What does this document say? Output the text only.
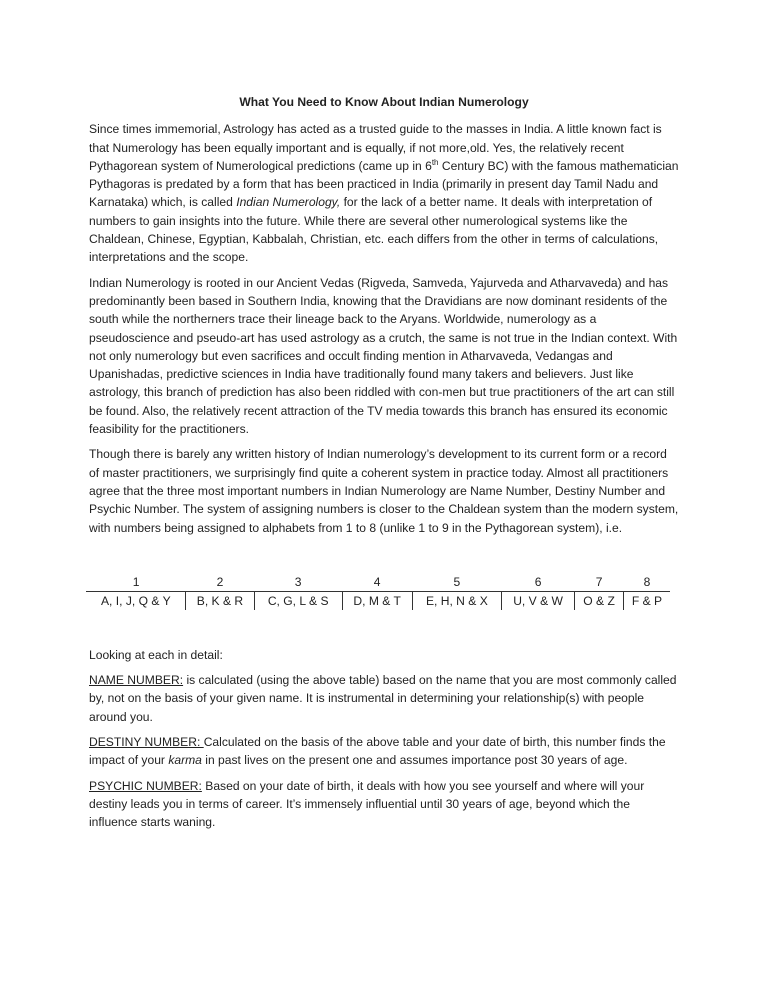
What You Need to Know About Indian Numerology

Since times immemorial, Astrology has acted as a trusted guide to the masses in India. A little known fact is that Numerology has been equally important and is equally, if not more,old. Yes, the relatively recent Pythagorean system of Numerological predictions (came up in 6th Century BC) with the famous mathematician Pythagoras is predated by a form that has been practiced in India (primarily in present day Tamil Nadu and Karnataka) which, is called Indian Numerology, for the lack of a better name. It deals with interpretation of numbers to gain insights into the future. While there are several other numerological systems like the Chaldean, Chinese, Egyptian, Kabbalah, Christian, etc. each differs from the other in terms of calculations, interpretations and the scope.

Indian Numerology is rooted in our Ancient Vedas (Rigveda, Samveda, Yajurveda and Atharvaveda) and has predominantly been based in Southern India, knowing that the Dravidians are now dominant residents of the south while the northerners trace their lineage back to the Aryans. Worldwide, numerology as a pseudoscience and pseudo-art has used astrology as a crutch, the same is not true in the Indian context. With not only numerology but even sacrifices and occult finding mention in Atharvaveda, Vedangas and Upanishadas, predictive sciences in India have traditionally found many takers and believers. Just like astrology, this branch of prediction has also been riddled with con-men but true practitioners of the art can still be found. Also, the relatively recent attraction of the TV media towards this branch has ensured its economic feasibility for the practitioners.

Though there is barely any written history of Indian numerology’s development to its current form or a record of master practitioners, we surprisingly find quite a coherent system in practice today. Almost all practitioners agree that the three most important numbers in Indian Numerology are Name Number, Destiny Number and Psychic Number. The system of assigning numbers is closer to the Chaldean system than the modern system, with numbers being assigned to alphabets from 1 to 8 (unlike 1 to 9 in the Pythagorean system), i.e.

1	2	3	4	5	6	7	8
A, I, J, Q & Y	B, K & R	C, G, L & S	D, M & T	E, H, N & X	U, V & W	O & Z	F & P

Looking at each in detail:

NAME NUMBER: is calculated (using the above table) based on the name that you are most commonly called by, not on the basis of your given name. It is instrumental in determining your relationship(s) with people around you.

DESTINY NUMBER: Calculated on the basis of the above table and your date of birth, this number finds the impact of your karma in past lives on the present one and assumes importance post 30 years of age.

PSYCHIC NUMBER: Based on your date of birth, it deals with how you see yourself and where will your destiny leads you in terms of career. It’s immensely influential until 30 years of age, beyond which the influence starts waning.
